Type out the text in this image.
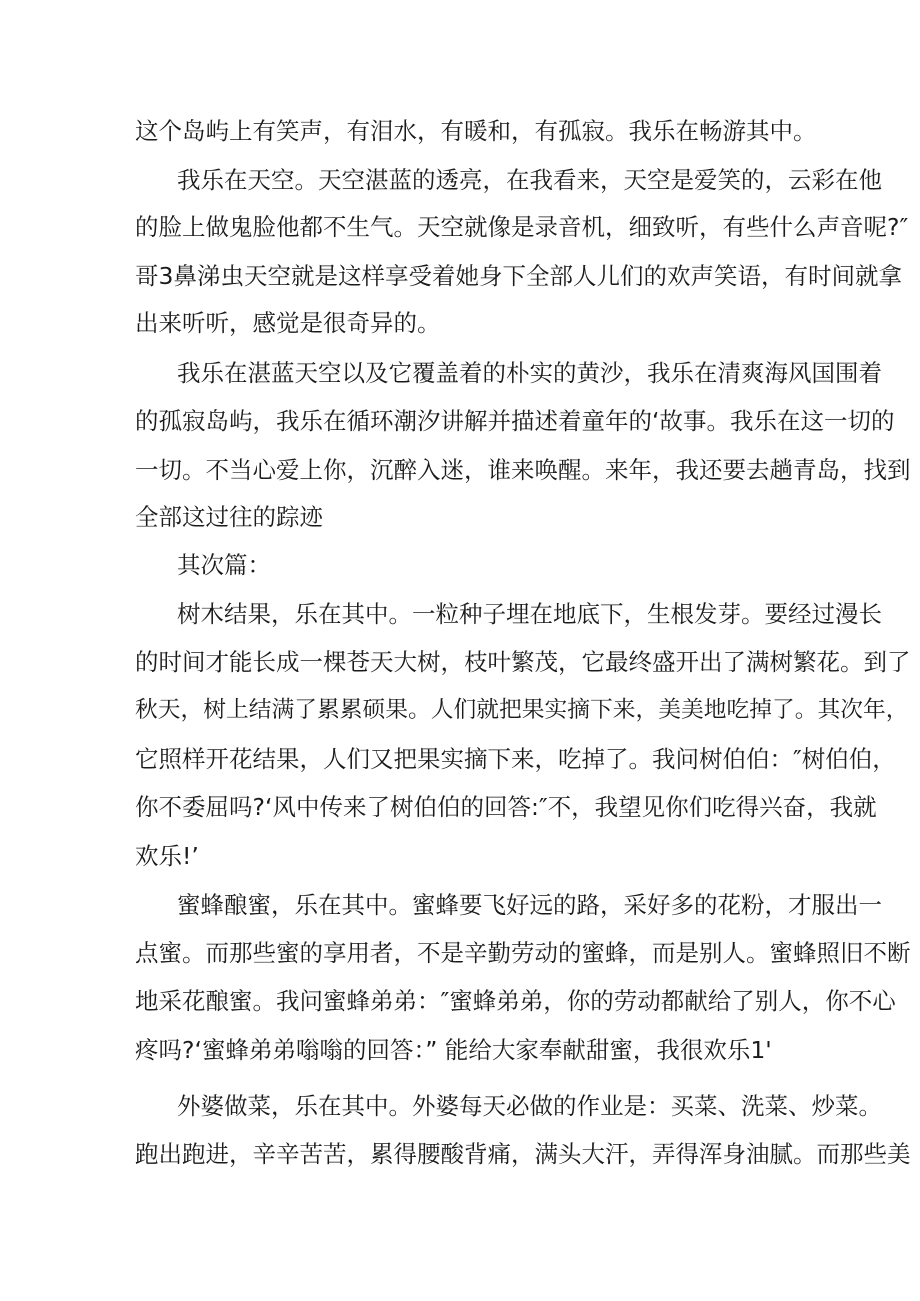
这个岛屿上有笑声，有泪水，有暖和，有孤寂。我乐在畅游其中。
我乐在天空。天空湛蓝的透亮，在我看来，天空是爱笑的，云彩在他
的脸上做鬼脸他都不生气。天空就像是录音机，细致听，有些什么声音呢?″
哥3鼻涕虫天空就是这样享受着她身下全部人儿们的欢声笑语，有时间就拿
出来听听，感觉是很奇异的。
我乐在湛蓝天空以及它覆盖着的朴实的黄沙，我乐在清爽海风国围着
的孤寂岛屿，我乐在循环潮汐讲解并描述着童年的‘故事。我乐在这一切的
一切。不当心爱上你，沉醉入迷，谁来唤醒。来年，我还要去趟青岛，找到
全部这过往的踪迹
其次篇：
树木结果，乐在其中。一粒种子埋在地底下，生根发芽。要经过漫长
的时间才能长成一棵苍天大树，枝叶繁茂，它最终盛开出了满树繁花。到了
秋天，树上结满了累累硕果。人们就把果实摘下来，美美地吃掉了。其次年，
它照样开花结果，人们又把果实摘下来，吃掉了。我问树伯伯：″树伯伯，
你不委屈吗?‘风中传来了树伯伯的回答:″不，我望见你们吃得兴奋，我就
欢乐!’
蜜蜂酿蜜，乐在其中。蜜蜂要飞好远的路，采好多的花粉，才服出一
点蜜。而那些蜜的享用者，不是辛勤劳动的蜜蜂，而是别人。蜜蜂照旧不断
地采花酿蜜。我问蜜蜂弟弟：″蜜蜂弟弟，你的劳动都献给了别人，你不心
疼吗?‘蜜蜂弟弟嗡嗡的回答：” 能给大家奉献甜蜜，我很欢乐1'
外婆做菜，乐在其中。外婆每天必做的作业是：买菜、洗菜、炒菜。
跑出跑进，辛辛苦苦，累得腰酸背痛，满头大汗，弄得浑身油腻。而那些美
